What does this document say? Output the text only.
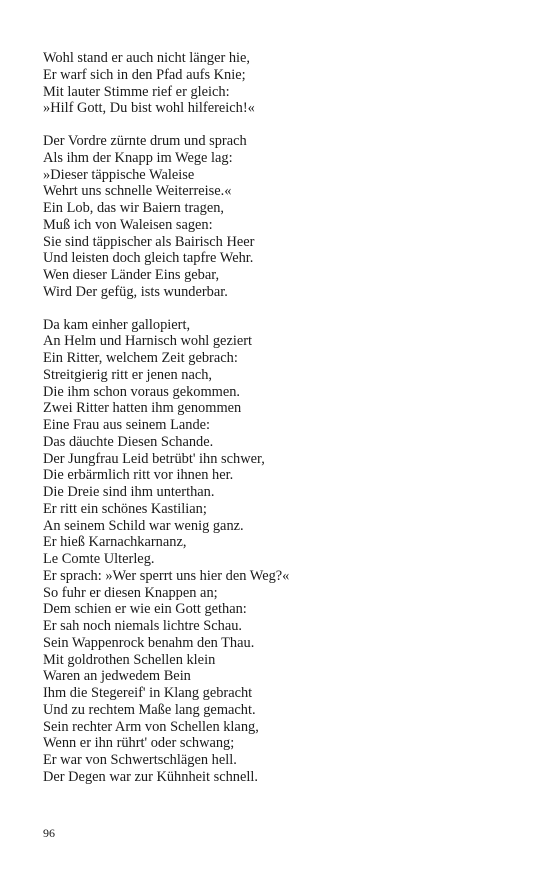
Wohl stand er auch nicht länger hie,
Er warf sich in den Pfad aufs Knie;
Mit lauter Stimme rief er gleich:
»Hilf Gott, Du bist wohl hilfereich!«
Der Vordre zürnte drum und sprach
Als ihm der Knapp im Wege lag:
»Dieser täppische Waleise
Wehrt uns schnelle Weiterreise.«
Ein Lob, das wir Baiern tragen,
Muß ich von Waleisen sagen:
Sie sind täppischer als Bairisch Heer
Und leisten doch gleich tapfre Wehr.
Wen dieser Länder Eins gebar,
Wird Der gefüg, ists wunderbar.
Da kam einher gallopiert,
An Helm und Harnisch wohl geziert
Ein Ritter, welchem Zeit gebrach:
Streitgierig ritt er jenen nach,
Die ihm schon voraus gekommen.
Zwei Ritter hatten ihm genommen
Eine Frau aus seinem Lande:
Das däuchte Diesen Schande.
Der Jungfrau Leid betrübt' ihn schwer,
Die erbärmlich ritt vor ihnen her.
Die Dreie sind ihm unterthan.
Er ritt ein schönes Kastilian;
An seinem Schild war wenig ganz.
Er hieß Karnachkarnanz,
Le Comte Ulterleg.
Er sprach: »Wer sperrt uns hier den Weg?«
So fuhr er diesen Knappen an;
Dem schien er wie ein Gott gethan:
Er sah noch niemals lichtre Schau.
Sein Wappenrock benahm den Thau.
Mit goldrothen Schellen klein
Waren an jedwedem Bein
Ihm die Stegereif' in Klang gebracht
Und zu rechtem Maße lang gemacht.
Sein rechter Arm von Schellen klang,
Wenn er ihn rührt' oder schwang;
Er war von Schwertschlägen hell.
Der Degen war zur Kühnheit schnell.
96
